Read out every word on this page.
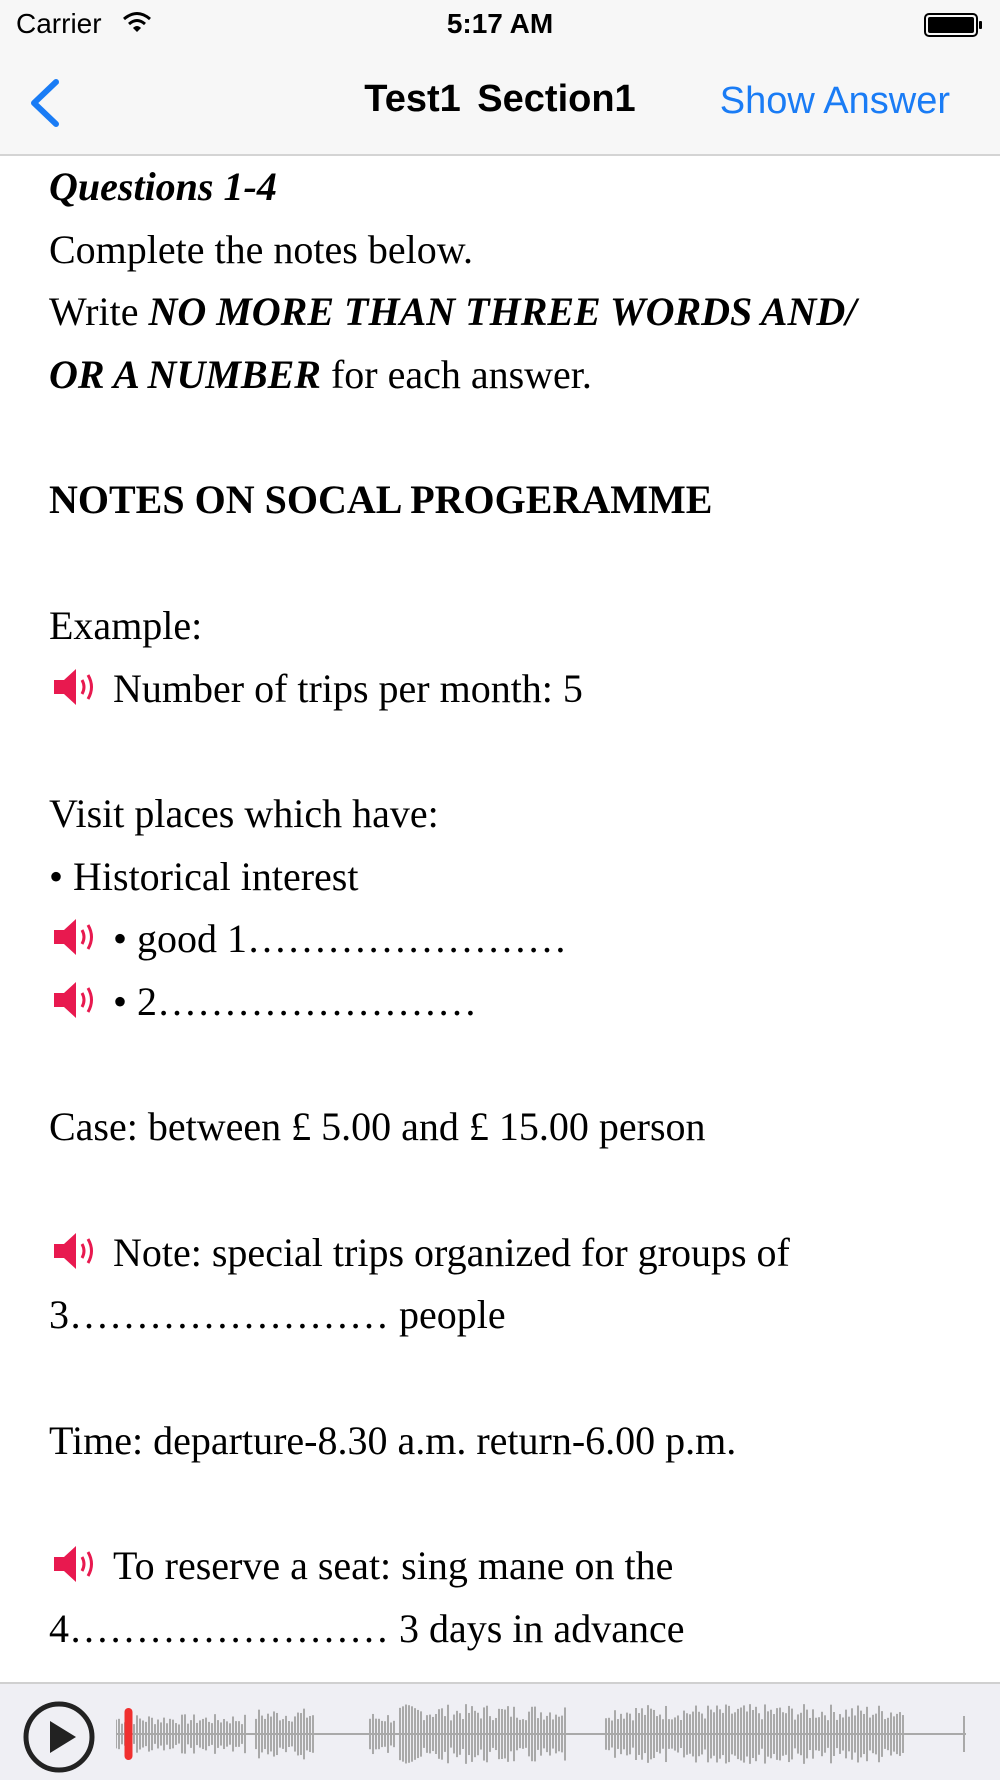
Carrier	5:17 AM
Test1 Section1	Show Answer
Questions 1-4
Complete the notes below.
Write NO MORE THAN THREE WORDS AND/
OR A NUMBER for each answer.
NOTES ON SOCAL PROGERAMME
Example:
Number of trips per month: 5
Visit places which have:
• Historical interest
• good 1……………………
• 2……………………
Case: between £ 5.00 and £ 15.00 person
Note: special trips organized for groups of
3…………………… people
Time: departure-8.30 a.m. return-6.00 p.m.
To reserve a seat: sing mane on the
4…………………… 3 days in advance
